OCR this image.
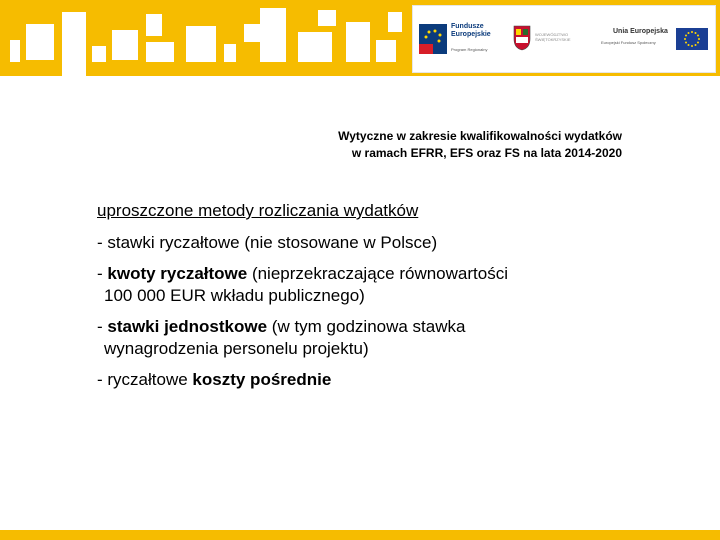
Fundusze
Europejskie
Program Regionalny
WOJEWÓDZTWO
ŚWIĘTOKRZYSKIE
Unia Europejska
Europejski Fundusz Społeczny
Wytyczne w zakresie kwalifikowalności wydatków
w ramach EFRR, EFS oraz FS na lata 2014-2020
uproszczone metody rozliczania wydatków
- stawki ryczałtowe (nie stosowane w Polsce)
- kwoty ryczałtowe (nieprzekraczające równowartości
100 000 EUR wkładu publicznego)
- stawki jednostkowe (w tym godzinowa stawka
wynagrodzenia personelu projektu)
- ryczałtowe koszty pośrednie
